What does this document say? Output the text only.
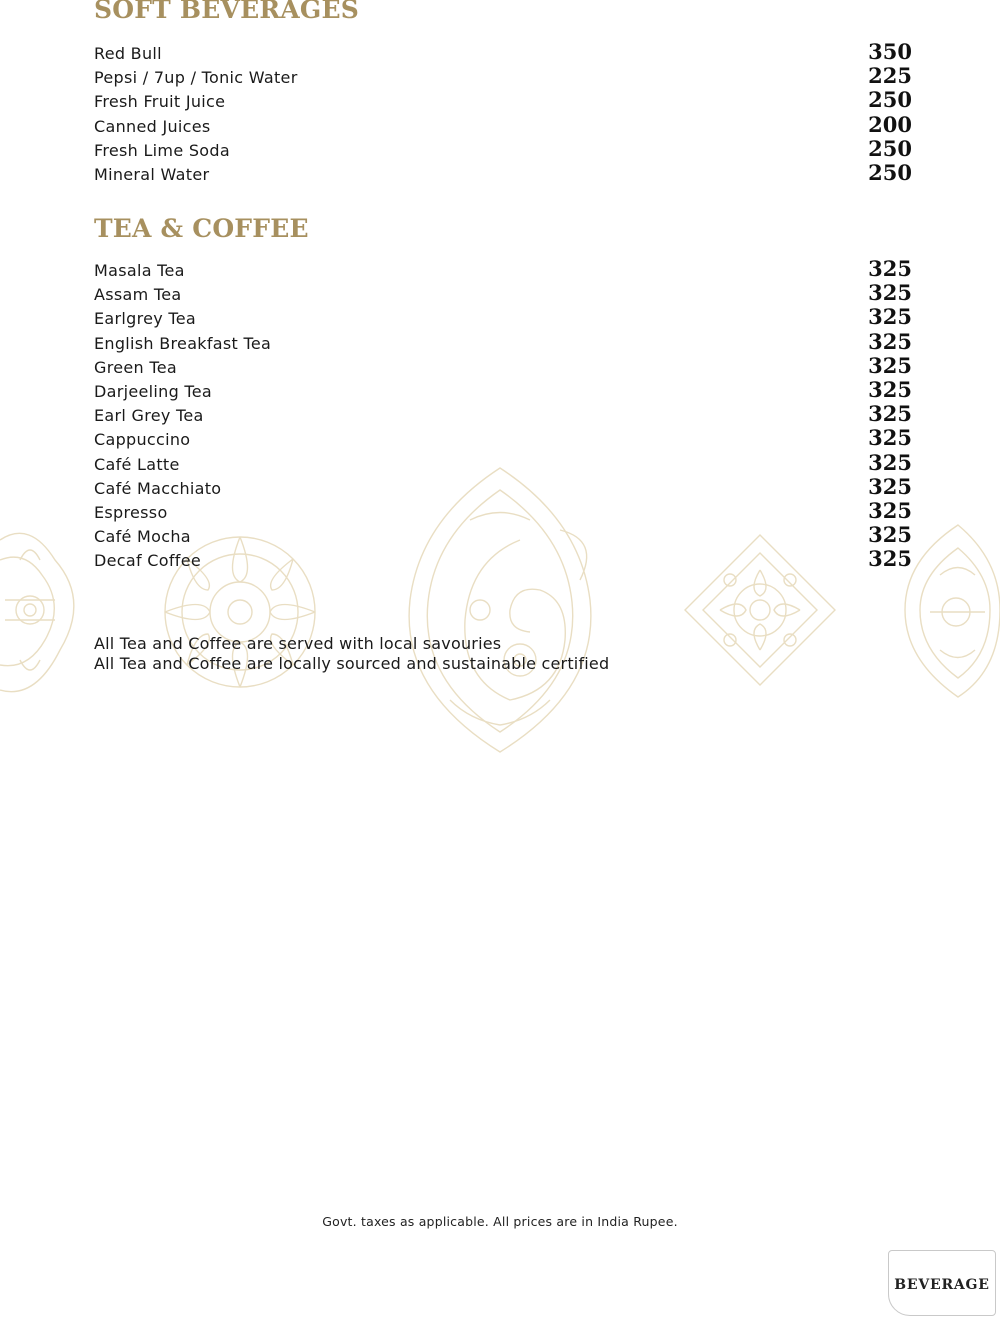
SOFT BEVERAGES
Red Bull	350
Pepsi / 7up / Tonic Water	225
Fresh Fruit Juice	250
Canned Juices	200
Fresh Lime Soda	250
Mineral Water	250
TEA & COFFEE
Masala Tea	325
Assam Tea	325
Earlgrey Tea	325
English Breakfast Tea	325
Green Tea	325
Darjeeling Tea	325
Earl Grey Tea	325
Cappuccino	325
Café Latte	325
Café Macchiato	325
Espresso	325
Café Mocha	325
Decaf Coffee	325
All Tea and Coffee are served with local savouries
All Tea and Coffee are locally sourced and sustainable certified
Govt. taxes as applicable. All prices are in India Rupee.
BEVERAGE
